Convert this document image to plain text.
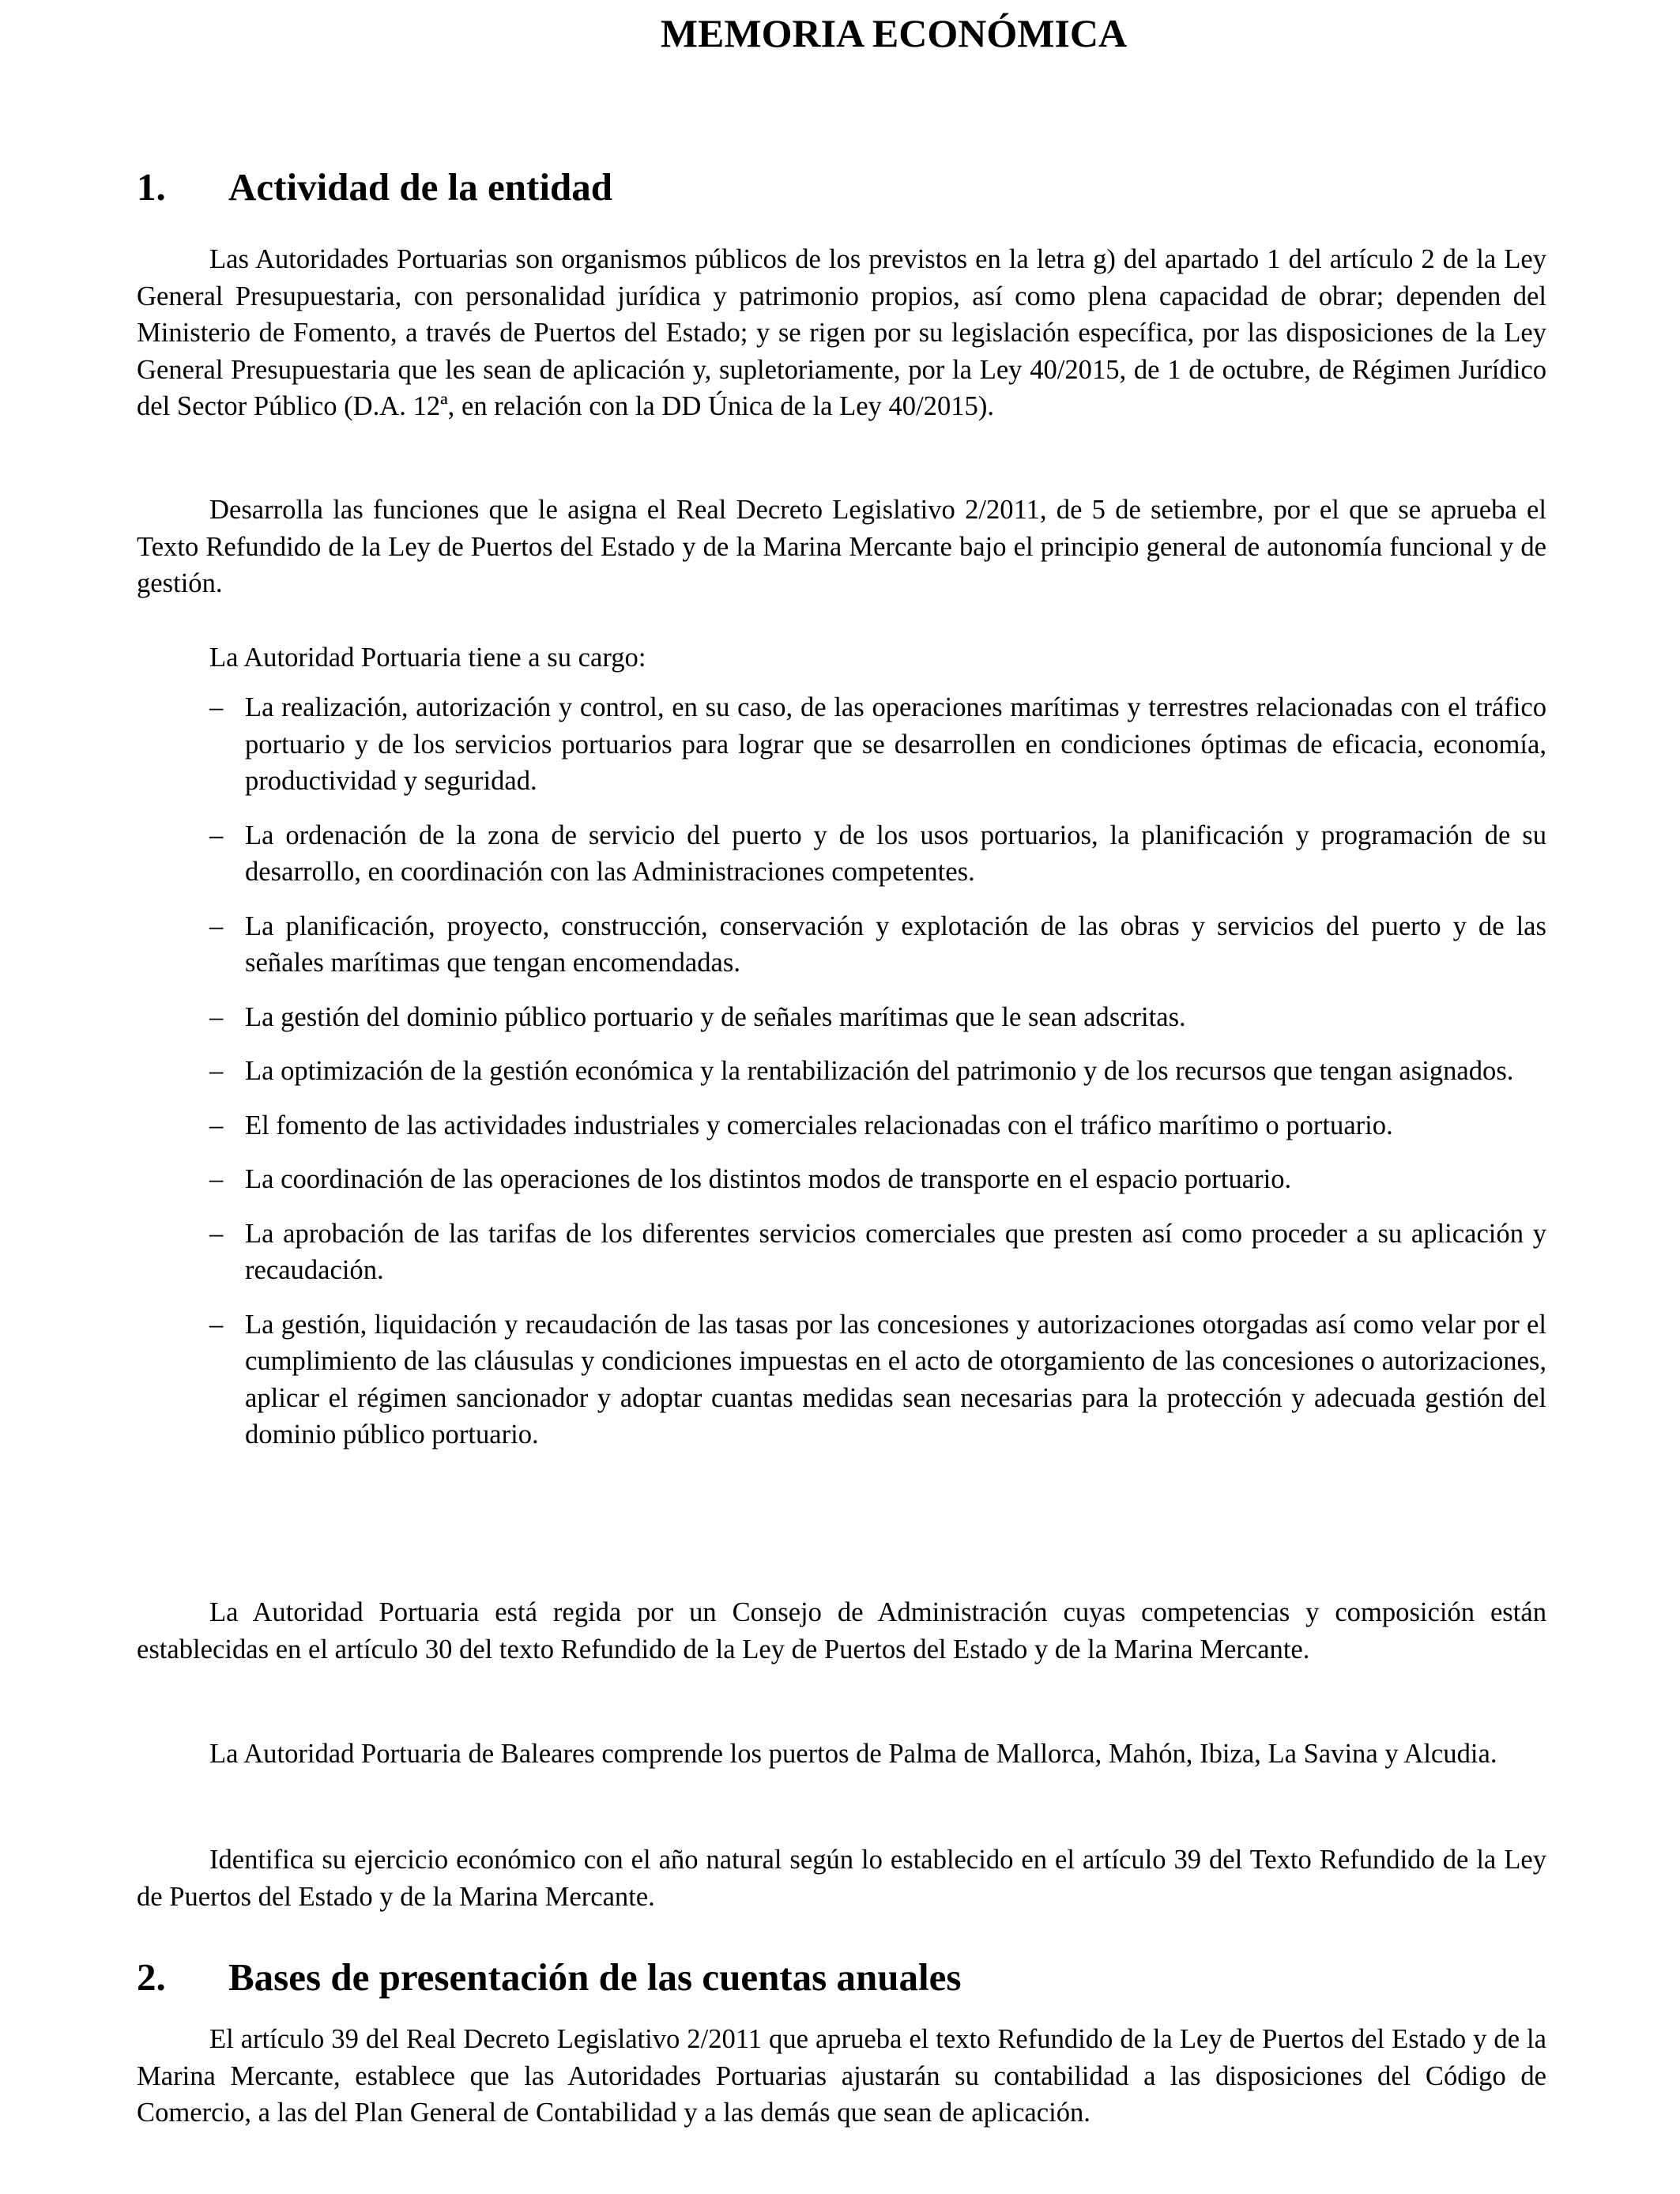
MEMORIA ECONÓMICA
1. Actividad de la entidad

Las Autoridades Portuarias son organismos públicos de los previstos en la letra g) del apartado 1 del artículo 2 de la Ley General Presupuestaria, con personalidad jurídica y patrimonio propios, así como plena capacidad de obrar; dependen del Ministerio de Fomento, a través de Puertos del Estado; y se rigen por su legislación específica, por las disposiciones de la Ley General Presupuestaria que les sean de aplicación y, supletoriamente, por la Ley 40/2015, de 1 de octubre, de Régimen Jurídico del Sector Público (D.A. 12ª, en relación con la DD Única de la Ley 40/2015).

Desarrolla las funciones que le asigna el Real Decreto Legislativo 2/2011, de 5 de setiembre, por el que se aprueba el Texto Refundido de la Ley de Puertos del Estado y de la Marina Mercante bajo el principio general de autonomía funcional y de gestión.

La Autoridad Portuaria tiene a su cargo:

– La realización, autorización y control, en su caso, de las operaciones marítimas y terrestres relacionadas con el tráfico portuario y de los servicios portuarios para lograr que se desarrollen en condiciones óptimas de eficacia, economía, productividad y seguridad.
– La ordenación de la zona de servicio del puerto y de los usos portuarios, la planificación y programación de su desarrollo, en coordinación con las Administraciones competentes.
– La planificación, proyecto, construcción, conservación y explotación de las obras y servicios del puerto y de las señales marítimas que tengan encomendadas.
– La gestión del dominio público portuario y de señales marítimas que le sean adscritas.
– La optimización de la gestión económica y la rentabilización del patrimonio y de los recursos que tengan asignados.
– El fomento de las actividades industriales y comerciales relacionadas con el tráfico marítimo o portuario.
– La coordinación de las operaciones de los distintos modos de transporte en el espacio portuario.
– La aprobación de las tarifas de los diferentes servicios comerciales que presten así como proceder a su aplicación y recaudación.
– La gestión, liquidación y recaudación de las tasas por las concesiones y autorizaciones otorgadas así como velar por el cumplimiento de las cláusulas y condiciones impuestas en el acto de otorgamiento de las concesiones o autorizaciones, aplicar el régimen sancionador y adoptar cuantas medidas sean necesarias para la protección y adecuada gestión del dominio público portuario.

La Autoridad Portuaria está regida por un Consejo de Administración cuyas competencias y composición están establecidas en el artículo 30 del texto Refundido de la Ley de Puertos del Estado y de la Marina Mercante.

La Autoridad Portuaria de Baleares comprende los puertos de Palma de Mallorca, Mahón, Ibiza, La Savina y Alcudia.

Identifica su ejercicio económico con el año natural según lo establecido en el artículo 39 del Texto Refundido de la Ley de Puertos del Estado y de la Marina Mercante.

2. Bases de presentación de las cuentas anuales

El artículo 39 del Real Decreto Legislativo 2/2011 que aprueba el texto Refundido de la Ley de Puertos del Estado y de la Marina Mercante, establece que las Autoridades Portuarias ajustarán su contabilidad a las disposiciones del Código de Comercio, a las del Plan General de Contabilidad y a las demás que sean de aplicación.
